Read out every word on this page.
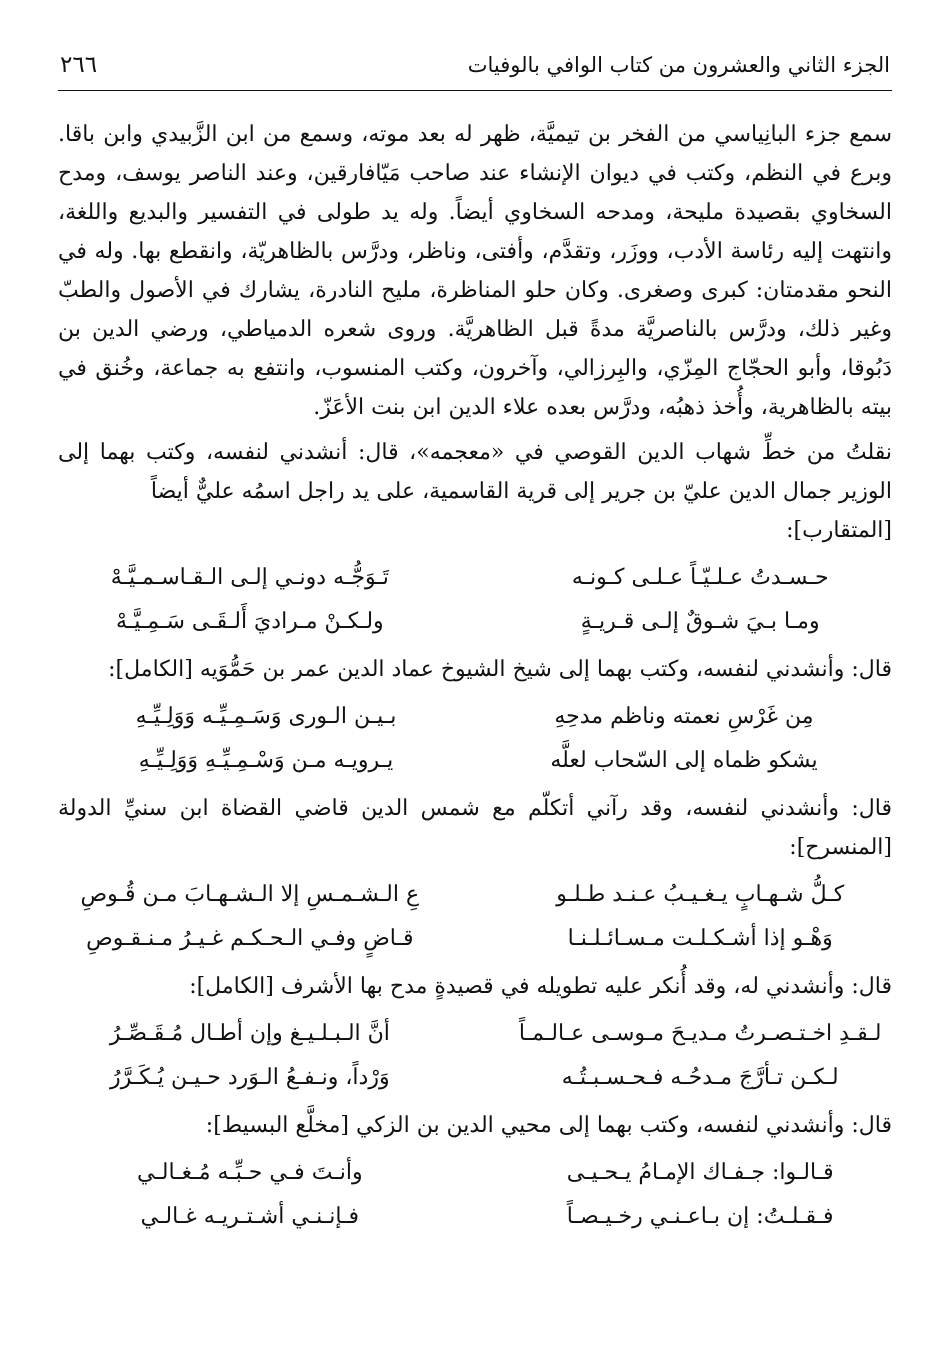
الجزء الثاني والعشرون من كتاب الوافي بالوفيات
٢٦٦

سمع جزء البانِياسي من الفخر بن تيميَّة، ظهر له بعد موته، وسمع من ابن الزَّبيدي وابن باقا. وبرع في النظم، وكتب في ديوان الإنشاء عند صاحب مَيّافارقين، وعند الناصر يوسف، ومدح السخاوي بقصيدة مليحة، ومدحه السخاوي أيضاً. وله يد طولى في التفسير والبديع واللغة، وانتهت إليه رئاسة الأدب، ووزَر، وتقدَّم، وأفتى، وناظر، ودرَّس بالظاهريّة، وانقطع بها. وله في النحو مقدمتان: كبرى وصغرى. وكان حلو المناظرة، مليح النادرة، يشارك في الأصول والطبّ وغير ذلك، ودرَّس بالناصريَّة مدةً قبل الظاهريَّة. وروى شعره الدمياطي، ورضي الدين بن دَبُوقا، وأبو الحجّاج المِزّي، والبِرزالي، وآخرون، وكتب المنسوب، وانتفع به جماعة، وخُنق في بيته بالظاهرية، وأُخذ ذهبُه، ودرَّس بعده علاء الدين ابن بنت الأعَزّ.

نقلتُ من خطِّ شهاب الدين القوصي في «معجمه»، قال: أنشدني لنفسه، وكتب بهما إلى الوزير جمال الدين عليّ بن جرير إلى قرية القاسمية، على يد راجل اسمُه عليٌّ أيضاً

[المتقارب]:

حـسـدتُ عـلـيّـاً عـلـى كـونـه
تَـوَجُّـه دونـي إلـى الـقـاسـمـيَّـهْ
ومـا بـيَ شـوقٌ إلـى قـريـةٍ
ولـكـنْ مـراديَ أَلـقَـى سَـمِـيَّـهْ

قال: وأنشدني لنفسه، وكتب بهما إلى شيخ الشيوخ عماد الدين عمر بن حَمُّوَيه [الكامل]:

مِن غَرْسِ نعمته وناظم مدحِهِ
بـيـن الـورى وَسَـمِـيِّـه وَوَلِـيِّـهِ
يشكو ظماه إلى السّحاب لعلَّه
يـرويـه مـن وَسْـمِـيِّـهِ وَوَلِـيِّـهِ

قال: وأنشدني لنفسه، وقد رآني أتكلّم مع شمس الدين قاضي القضاة ابن سنيِّ الدولة [المنسرح]:

كـلُّ شـهـابٍ يـغـيـبُ عـنـد طـلـو
عِ الـشـمـسِ إلا الـشـهـابَ مـن قُـوصِ
وَهْـو إذا أشـكـلـت مـسـائـلـنـا
قـاضٍ وفـي الـحـكـم غـيـرُ مـنـقـوصِ

قال: وأنشدني له، وقد أُنكر عليه تطويله في قصيدةٍ مدح بها الأشرف [الكامل]:

لـقـدِ اخـتـصـرتُ مـديـحَ مـوسـى عـالـمـاً
أنَّ الـبـلـيـغ وإن أطـال مُـقَـصِّـرُ
لـكـن تـأرَّجَ مـدحُـه فـحـسـبـتُـه
وَرْداً، ونـفـعُ الـوَرد حـيـن يُـكَـرَّرُ

قال: وأنشدني لنفسه، وكتب بهما إلى محيي الدين بن الزكي [مخلَّع البسيط]:

قـالـوا: جـفـاك الإمـامُ يـحـيـى
وأنـتَ فـي حـبِّـه مُـغـالـي
فـقـلـتُ: إن بـاعـنـي رخـيـصـاً
فـإنـنـي أشـتـريـه غـالـي
